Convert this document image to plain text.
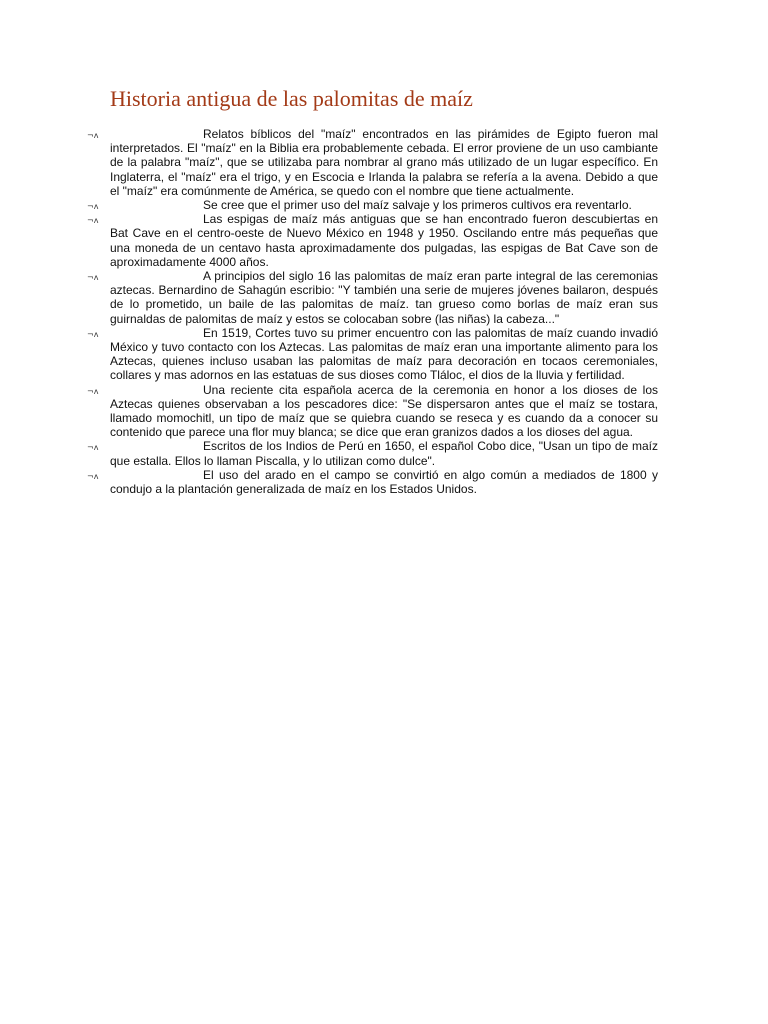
Historia antigua de las palomitas de maíz
¬ʌ	Relatos bíblicos del "maíz" encontrados en las pirámides de Egipto fueron mal interpretados. El "maíz" en la Biblia era probablemente cebada. El error proviene de un uso cambiante de la palabra "maíz", que se utilizaba para nombrar al grano más utilizado de un lugar específico. En Inglaterra, el "maíz" era el trigo, y en Escocia e Irlanda la palabra se refería a la avena. Debido a que el "maíz" era comúnmente de América, se quedo con el nombre que tiene actualmente.

¬ʌ	Se cree que el primer uso del maíz salvaje y los primeros cultivos era reventarlo.

¬ʌ	Las espigas de maíz más antiguas que se han encontrado fueron descubiertas en Bat Cave en el centro-oeste de Nuevo México en 1948 y 1950. Oscilando entre más pequeñas que una moneda de un centavo hasta aproximadamente dos pulgadas, las espigas de Bat Cave son de aproximadamente 4000 años.

¬ʌ	A principios del siglo 16 las palomitas de maíz eran parte integral de las ceremonias aztecas. Bernardino de Sahagún escribio: "Y también una serie de mujeres jóvenes bailaron, después de lo prometido, un baile de las palomitas de maíz. tan grueso como borlas de maíz eran sus guirnaldas de palomitas de maíz y estos se colocaban sobre (las niñas) la cabeza..."

¬ʌ	En 1519, Cortes tuvo su primer encuentro con las palomitas de maíz cuando invadió México y tuvo contacto con los Aztecas. Las palomitas de maíz eran una importante alimento para los Aztecas, quienes incluso usaban las palomitas de maíz para decoración en tocaos ceremoniales, collares y mas adornos en las estatuas de sus dioses como Tláloc, el dios de la lluvia y fertilidad.

¬ʌ	Una reciente cita española acerca de la ceremonia en honor a los dioses de los Aztecas quienes observaban a los pescadores dice: "Se dispersaron antes que el maíz se tostara, llamado momochitl, un tipo de maíz que se quiebra cuando se reseca y es cuando da a conocer su contenido que parece una flor muy blanca; se dice que eran granizos dados a los dioses del agua.

¬ʌ	Escritos de los Indios de Perú en 1650, el español Cobo dice, "Usan un tipo de maíz que estalla. Ellos lo llaman Piscalla, y lo utilizan como dulce".

¬ʌ	El uso del arado en el campo se convirtió en algo común a mediados de 1800 y condujo a la plantación generalizada de maíz en los Estados Unidos.
